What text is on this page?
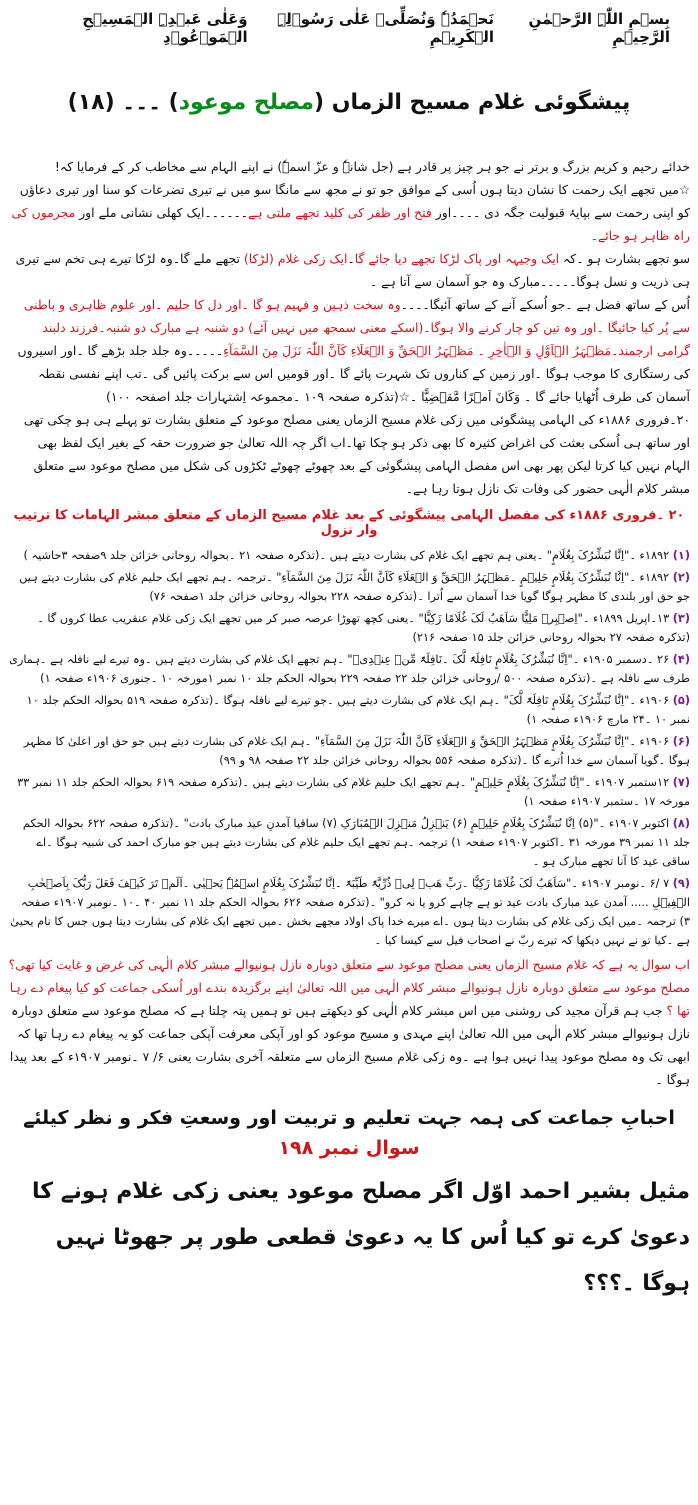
بِسۡمِ اللّٰہِ الرَّحۡمٰنِ الرَّحِیۡمِ
نَحۡمَدُہٗ وَنُصَلِّیۡ عَلٰی رَسُوۡلِہِ الۡکَرِیۡمِ
وَعَلٰی عَبۡدِہِ الۡمَسِیۡحِ الۡمَوۡعُوۡدِ
پیشگوئی غلام مسیح الزماں (مصلح موعود) ۔۔۔ (۱۸)

خدائے رحیم و کریم بزرگ و برتر نے جو ہر چیز پر قادر ہے (جل شانہٗ و عزّ اسمہٗ) نے اپنے الہام سے مخاطب کر کے فرمایا کہ!

☆میں تجھے ایک رحمت کا نشان دیتا ہوں اُسی کے موافق جو تو نے مجھ سے مانگا سو میں نے تیری تضرعات کو سنا اور تیری دعاؤں کو اپنی رحمت سے بپایۂ قبولیت جگہ دی ۔۔۔۔اور فتح اور ظفر کی کلید تجھے ملتی ہے۔۔۔۔۔۔ایک کھلی نشانی ملے اور مجرموں کی راہ ظاہر ہو جائے۔

سو تجھے بشارت ہو ۔کہ ایک وجیہہ اور پاک لڑکا تجھے دیا جائے گا۔ایک زکی غلام (لڑکا) تجھے ملے گا۔وہ لڑکا تیرے ہی تخم سے تیری ہی ذریت و نسل ہوگا۔۔۔۔۔مبارک وہ جو آسمان سے آتا ہے ۔

اُس کے ساتھ فضل ہے ۔جو اُسکے آنے کے ساتھ آئیگا۔۔۔۔وہ سخت ذہین و فہیم ہو گا ۔اور دل کا حلیم ۔اور علوم ظاہری و باطنی سے پُر کیا جائیگا ۔اور وہ تین کو چار کرنے والا ہوگا۔(اسکے معنی سمجھ میں نہیں آئے) دو شنبہ ہے مبارک دو شنبہ۔فرزند دلبند گرامی ارجمند۔مَظۡہَرُ الۡاَوَّلِ وَ الۡاٰخِرِ ۔ مَظۡہَرُ الۡحَقِّ وَ الۡعَلَاءِ کَاَنَّ اللّٰہَ نَزَلَ مِنَ السَّمَآءِ۔۔۔۔۔وہ جلد جلد بڑھے گا ۔اور اسیروں کی رستگاری کا موجب ہوگا ۔اور زمین کے کناروں تک شہرت پائے گا ۔اور قومیں اس سے برکت پائیں گی ۔تب اپنے نفسی نقطہ آسمان کی طرف اُٹھایا جائے گا ۔ وَکَانَ اَمۡرًا مَّقۡضِیًّا ۔☆(تذکرہ صفحہ ۱۰۹ ۔مجموعہ اِشتہارات جلد اصفحہ ۱۰۰)

۲۰۔فروری ۱۸۸۶ء کی الہامی پیشگوئی میں زکی غلام مسیح الزماں یعنی مصلح موعود کے متعلق بشارت تو پہلے ہی ہو چکی تھی اور ساتھ ہی اُسکی بعثت کی اغراض کثیرہ کا بھی ذکر ہو چکا تھا۔اب اگر چہ اللہ تعالیٰ جو ضرورت حقہ کے بغیر ایک لفظ بھی الہام نہیں کیا کرتا لیکن پھر بھی اس مفصل الہامی پیشگوئی کے بعد چھوٹے چھوٹے ٹکڑوں کی شکل میں مصلح موعود سے متعلق مبشر کلام الٰہی حضور کی وفات تک نازل ہوتا رہا ہے۔

۲۰ ۔فروری ۱۸۸۶ء کی مفصل الہامی پیشگوئی کے بعد غلام مسیح الزماں کے متعلق مبشر الہامات کا ترتیب وار نزول
(۱) ۱۸۹۲ء ۔"اِنَّا نُبَشِّرُکَ بِغُلَامٍ" ۔یعنی ہم تجھے ایک غلام کی بشارت دیتے ہیں ۔(تذکرہ صفحہ ۲۱ ۔بحوالہ روحانی خزائن جلد ۹صفحہ ۳حاشیہ )
(۲) ۱۸۹۲ء ۔"اِنَّا نُبَشِّرُکَ بِغُلَامٍ حَلِیۡمٍ ۔مَظۡہَرُ الۡحَقِّ وَ الۡعَلَاءِ کَاَنَّ اللّٰہَ نَزَلَ مِنَ السَّمَآءِ" ۔ترجمہ ۔ہم تجھے ایک حلیم غلام کی بشارت دیتے ہیں جو حق اور بلندی کا مظہر ہوگا گویا خدا آسمان سے اُترا ۔(تذکرہ صفحہ ۲۲۸ بحوالہ روحانی خزائن جلد ۱صفحہ ۷۶)
(۳) ۱۳۔اپریل ۱۸۹۹ء ۔"اِصۡبِرۡ مَلِیًّا سَاَھَبُ لَکَ غُلَامًا زَکِیًّا" ۔یعنی کچھ تھوڑا عرصہ صبر کر میں تجھے ایک زکی غلام عنقریب عطا کروں گا ۔(تذکرہ صفحہ ۲۷ بحوالہ روحانی خزائن جلد ۱۵ صفحہ ۲۱۶)
(۴) ۲۶ ۔دسمبر ۱۹۰۵ء ۔"اِنَّا نُبَشِّرُکَ بِغُلَامٍ نَافِلَۃً لَّکَ ۔نَافِلَۃً مِّنۡ عِنۡدِیۡ" ۔ہم تجھے ایک غلام کی بشارت دیتے ہیں ۔وہ تیرے لیے نافلہ ہے ۔ہماری طرف سے نافلہ ہے ۔(تذکرہ صفحہ ۵۰۰ /روحانی خزائن جلد ۲۲ صفحہ ۲۲۹ بحوالہ الحکم جلد ۱۰ نمبر ۱مورخہ ۱۰ ۔جنوری ۱۹۰۶ء صفحہ ۱)
(۵) ۱۹۰۶ء ۔"اِنَّا نُبَشِّرُکَ بِغُلَامٍ نَافِلَۃً لَّکَ" ۔ہم ایک غلام کی بشارت دیتے ہیں ۔جو تیرے لیے نافلہ ہوگا ۔(تذکرہ صفحہ ۵۱۹ بحوالہ الحکم جلد ۱۰ نمبر ۱۰ ۔۲۴ مارچ ۱۹۰۶ء صفحہ ۱)
(۶) ۱۹۰۶ء ۔"اِنَّا نُبَشِّرُکَ بِغُلَامٍ مَظۡہَرُ الۡحَقِّ وَ الۡعَلَاءِ کَاَنَّ اللّٰہَ نَزَلَ مِنَ السَّمَآءِ" ۔ہم ایک غلام کی بشارت دیتے ہیں جو حق اور اعلیٰ کا مظہر ہوگا ۔گویا آسمان سے خدا اُترے گا ۔(تذکرہ صفحہ ۵۵۶ بحوالہ روحانی خزائن جلد ۲۲ صفحہ ۹۸ و ۹۹)
(۷) ۱۲ستمبر ۱۹۰۷ء ۔"اِنَّا نُبَشِّرُکَ بِغُلَامٍ حَلِیۡمٍ" ۔ہم تجھے ایک حلیم غلام کی بشارت دیتے ہیں ۔(تذکرہ صفحہ ۶۱۹ بحوالہ الحکم جلد ۱۱ نمبر ۳۳ مورخہ ۱۷ ۔ستمبر ۱۹۰۷ء صفحہ ۱)
(۸) اکتوبر ۱۹۰۷ء ۔"(۵) اِنَّا نُبَشِّرُکَ بِغُلَامٍ حَلِیۡمٍ (۶) یَنۡزِلُ مَنۡزِلَ الۡمُبَارَکِ (۷) ساقیا آمدنِ عید مبارک بادت" ۔(تذکرہ صفحہ ۶۲۲ بحوالہ الحکم جلد ۱۱ نمبر ۳۹ مورخہ ۳۱ ۔اکتوبر ۱۹۰۷ء صفحہ ۱) ترجمہ ۔ہم تجھے ایک حلیم غلام کی بشارت دیتے ہیں جو مبارک احمد کی شبیہ ہوگا ۔اے ساقی عید کا آنا تجھے مبارک ہو ۔
(۹) ۷ /۶ ۔نومبر ۱۹۰۷ء ۔"سَاَھَبُ لَکَ غُلَامًا زَکِیًّا ۔رَبِّ ھَبۡ لِیۡ ذُرِّیَّۃً طَیِّبَۃً ۔اِنَّا نُبَشِّرُکَ بِغُلَامٍ اسۡمُہٗ یَحۡیٰی ۔اَلَمۡ تَرَ کَیۡفَ فَعَلَ رَبُّکَ بِاَصۡحٰبِ الۡفِیۡلِ ..... آمدن عید مبارک بادت عید تو ہے چاہے کرو یا نہ کرو" ۔(تذکرہ صفحہ ۶۲۶ بحوالہ الحکم جلد ۱۱ نمبر ۴۰ ۔۱۰ ۔نومبر ۱۹۰۷ء صفحہ ۳) ترجمہ ۔میں ایک زکی غلام کی بشارت دیتا ہوں ۔اے میرے خدا پاک اولاد مجھے بخش ۔میں تجھے ایک غلام کی بشارت دیتا ہوں جس کا نام یحییٰ ہے ۔کیا تو نے نہیں دیکھا کہ تیرے ربّ نے اصحاب فیل سے کیسا کیا ۔

اب سوال یہ ہے کہ غلام مسیح الزماں یعنی مصلح موعود سے متعلق دوبارہ نازل ہونیوالے مبشر کلام الٰہی کی غرض و غایت کیا تھی؟ مصلح موعود سے متعلق دوبارہ نازل ہونیوالے مبشر کلام الٰہی میں اللہ تعالیٰ اپنے برگزیدہ بندے اور اُسکی جماعت کو کیا پیغام دے رہا تھا ؟ جب ہم قرآن مجید کی روشنی میں اس مبشر کلام الٰہی کو دیکھتے ہیں تو ہمیں پتہ چلتا ہے کہ مصلح موعود سے متعلق دوبارہ نازل ہونیوالے مبشر کلام الٰہی میں اللہ تعالیٰ اپنے مہدی و مسیح موعود کو اور آپکی معرفت آپکی جماعت کو یہ پیغام دے رہا تھا کہ ابھی تک وہ مصلح موعود پیدا نہیں ہوا ہے ۔وہ زکی غلام مسیح الزماں سے متعلقہ آخری بشارت یعنی ۶/ ۷ ۔نومبر ۱۹۰۷ء کے بعد پیدا ہوگا ۔

احبابِ جماعت کی ہمہ جہت تعلیم و تربیت اور وسعتِ فکر و نظر کیلئے
سوال نمبر ۱۹۸
مثیل بشیر احمد اوّل اگر مصلح موعود یعنی زکی غلام ہونے کا دعویٰ کرے تو کیا اُس کا یہ دعویٰ قطعی طور پر جھوٹا نہیں ہوگا ۔؟؟؟
